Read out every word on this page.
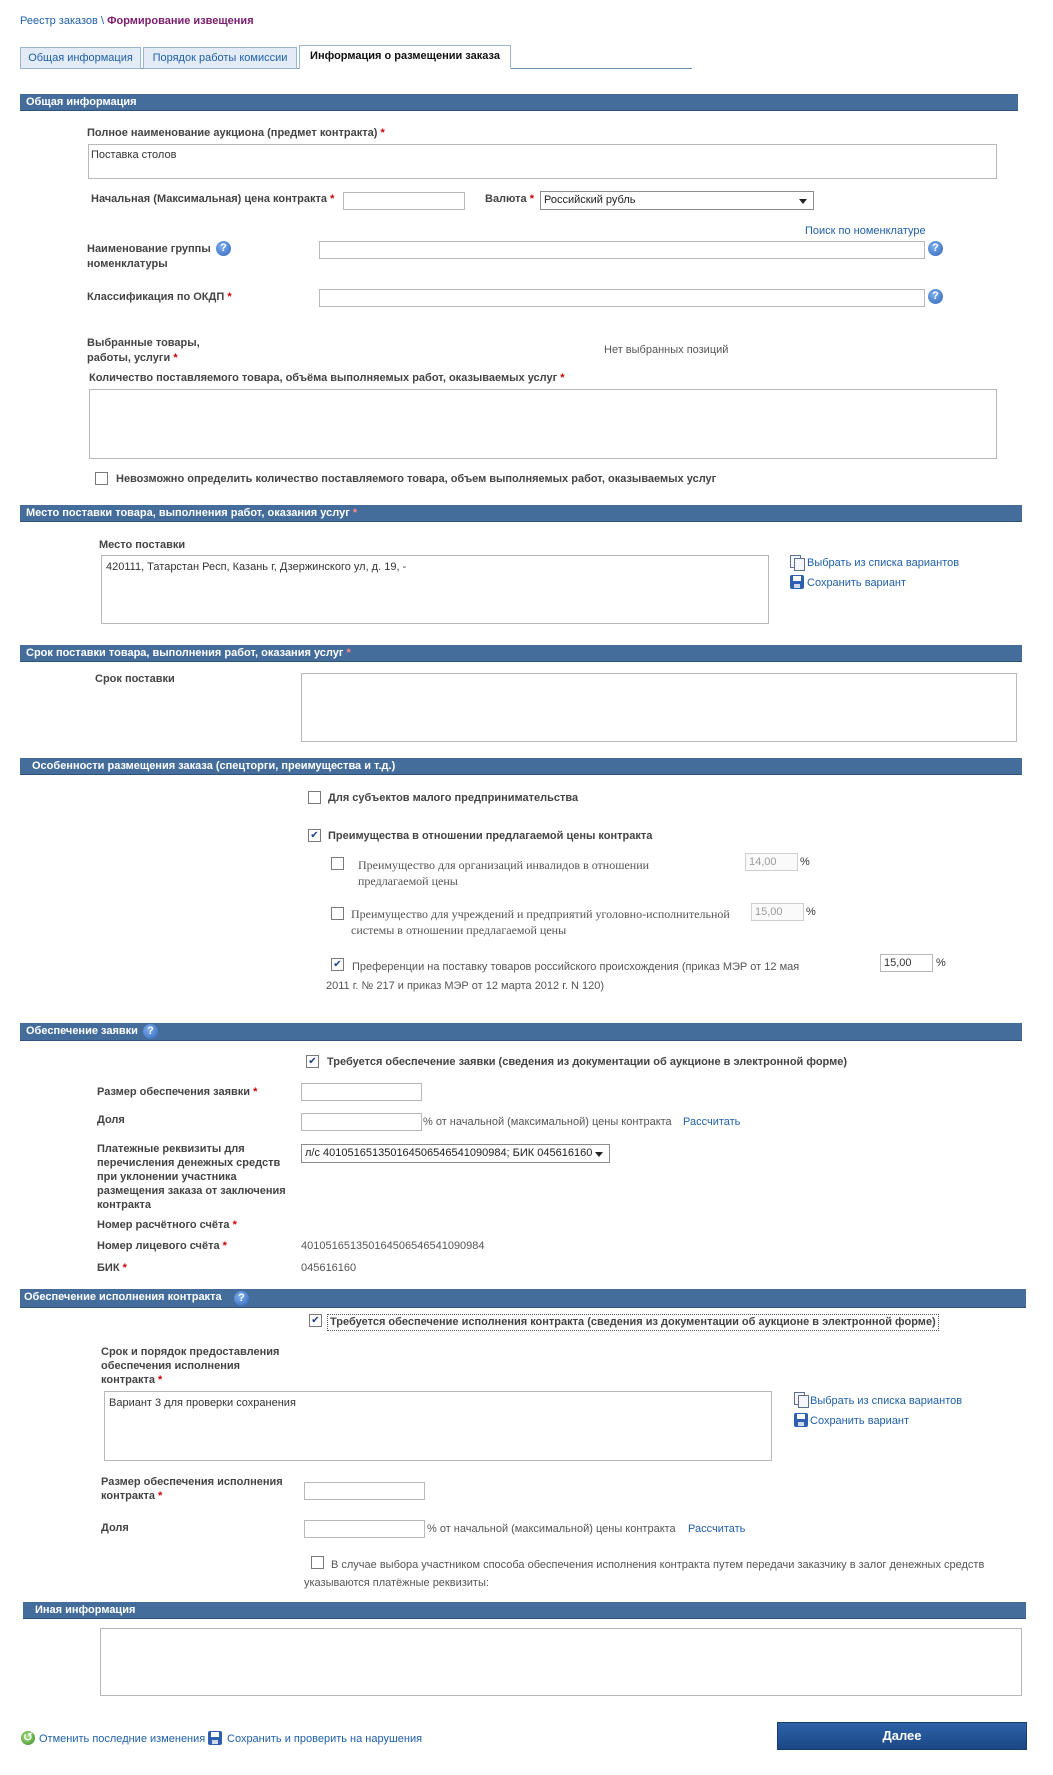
Реестр заказов \ Формирование извещения
Общая информация	Порядок работы комиссии	Информация о размещении заказа
Общая информация
Полное наименование аукциона (предмет контракта) *
Поставка столов
Начальная (Максимальная) цена контракта *	Валюта * Российский рубль
Поиск по номенклатуре
Наименование группы номенклатуры
?	?
Классификация по ОКДП *	?
Выбранные товары, работы, услуги *
Нет выбранных позиций
Количество поставляемого товара, объёма выполняемых работ, оказываемых услуг *
Невозможно определить количество поставляемого товара, объем выполняемых работ, оказываемых услуг
Место поставки товара, выполнения работ, оказания услуг *
Место поставки
420111, Татарстан Респ, Казань г, Дзержинского ул, д. 19, -	Выбрать из списка вариантов
Сохранить вариант
Срок поставки товара, выполнения работ, оказания услуг *
Срок поставки
Особенности размещения заказа (спецторги, преимущества и т.д.)
Для субъектов малого предпринимательства
✔
Преимущества в отношении предлагаемой цены контракта
Преимущество для организаций инвалидов в отношении предлагаемой цены
14,00	%
Преимущество для учреждений и предприятий уголовно-исполнительной системы в отношении предлагаемой цены
15,00	%
✔
Преференции на поставку товаров российского происхождения (приказ МЭР от 12 мая 2011 г. № 217 и приказ МЭР от 12 марта 2012 г. N 120)
15,00	%
Обеспечение заявки ?
✔
Требуется обеспечение заявки (сведения из документации об аукционе в электронной форме)
Размер обеспечения заявки *
Доля	% от начальной (максимальной) цены контракта Рассчитать
Платежные реквизиты для перечисления денежных средств при уклонении участника размещения заказа от заключения контракта
л/с 401051651350164506546541090984; БИК 045616160
Номер расчётного счёта *
Номер лицевого счёта *	401051651350164506546541090984
БИК *	045616160
Обеспечение исполнения контракта	?
✔
Требуется обеспечение исполнения контракта (сведения из документации об аукционе в электронной форме)
Срок и порядок предоставления обеспечения исполнения контракта *
Вариант 3 для проверки сохранения	Выбрать из списка вариантов
Сохранить вариант
Размер обеспечения исполнения контракта *
Доля	% от начальной (максимальной) цены контракта Рассчитать
В случае выбора участником способа обеспечения исполнения контракта путем передачи заказчику в залог денежных средств указываются платёжные реквизиты:
Иная информация
↺
Отменить последние изменения Сохранить и проверить на нарушения	Далее
